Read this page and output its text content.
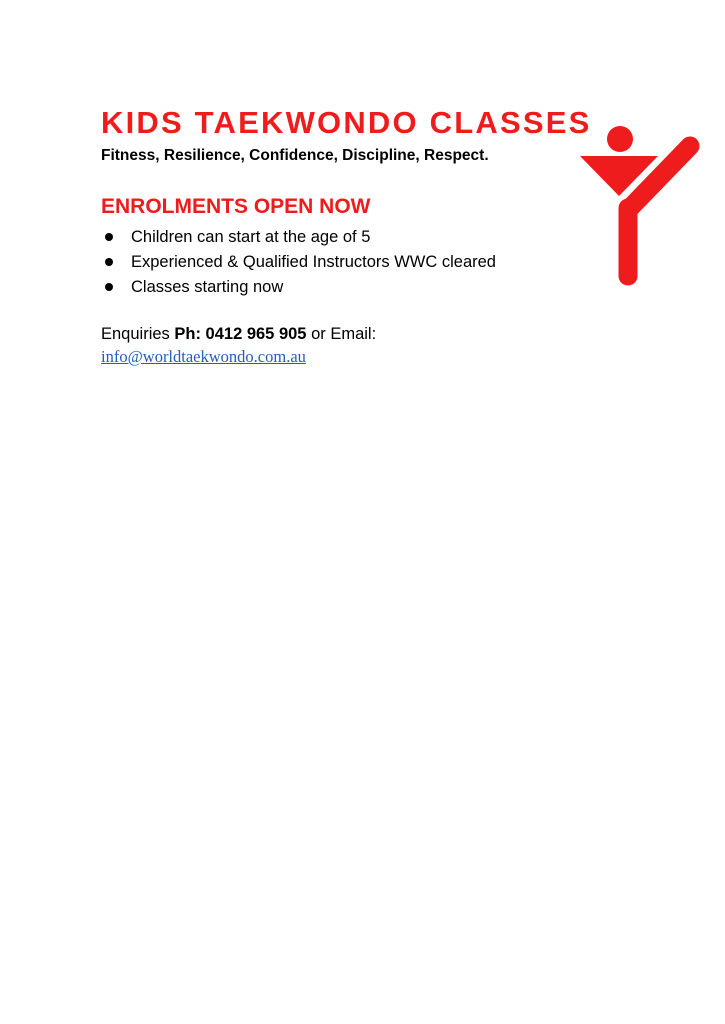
KIDS TAEKWONDO CLASSES

Fitness, Resilience, Confidence, Discipline, Respect.

ENROLMENTS OPEN NOW
Children can start at the age of 5
Experienced & Qualified Instructors WWC cleared
Classes starting now

Enquiries Ph: 0412 965 905 or Email:

info@worldtaekwondo.com.au
